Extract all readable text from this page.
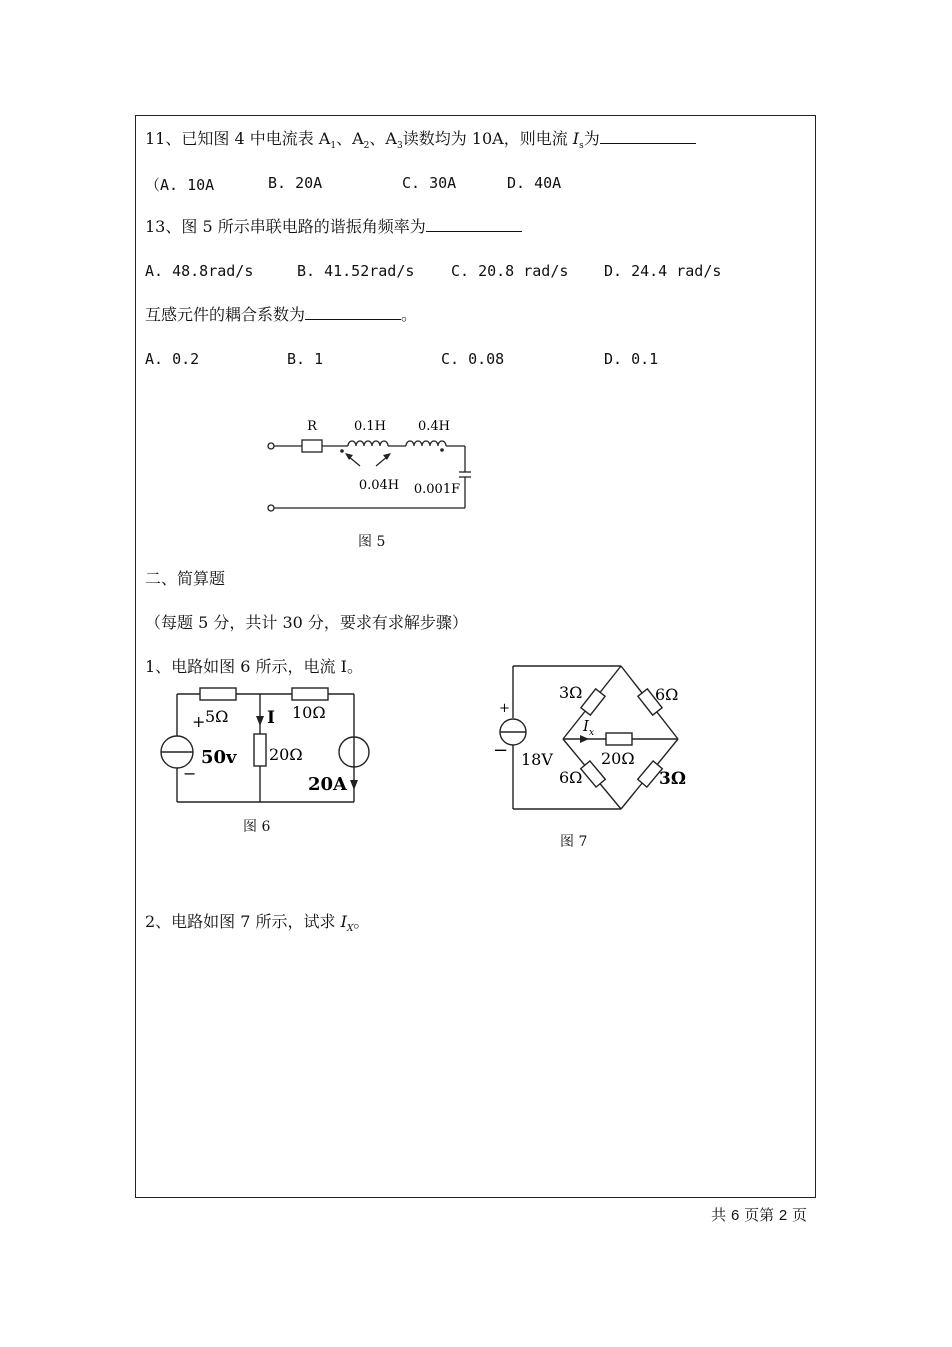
11、已知图 4 中电流表 $A_1$、$A_2$、$A_3$读数均为 10A，则电流 $I_s$为
（A. 10A	B. 20A	C. 30A	D. 40A
13、图 5 所示串联电路的谐振角频率为
A. 48.8rad/s	B. 41.52rad/s C. 20.8 rad/s D. 24.4 rad/s
互感元件的耦合系数为	。
A. 0.2	B. 1	C. 0.08	D. 0.1
R	0.1H 0.4H
0.04H 0.001F
图 5
二、简算题
（每题 5 分，共计 30 分，要求有求解步骤）
1、电路如图 6 所示，电流 I。
+
−
5Ω	10Ω
20Ω
I
50v
20A
图 6
+
−
3Ω	6Ω
$I_x$
20Ω
18V
6Ω	3Ω
图 7
2、电路如图 7 所示，试求 $I_X$。
共 6 页第 2 页
